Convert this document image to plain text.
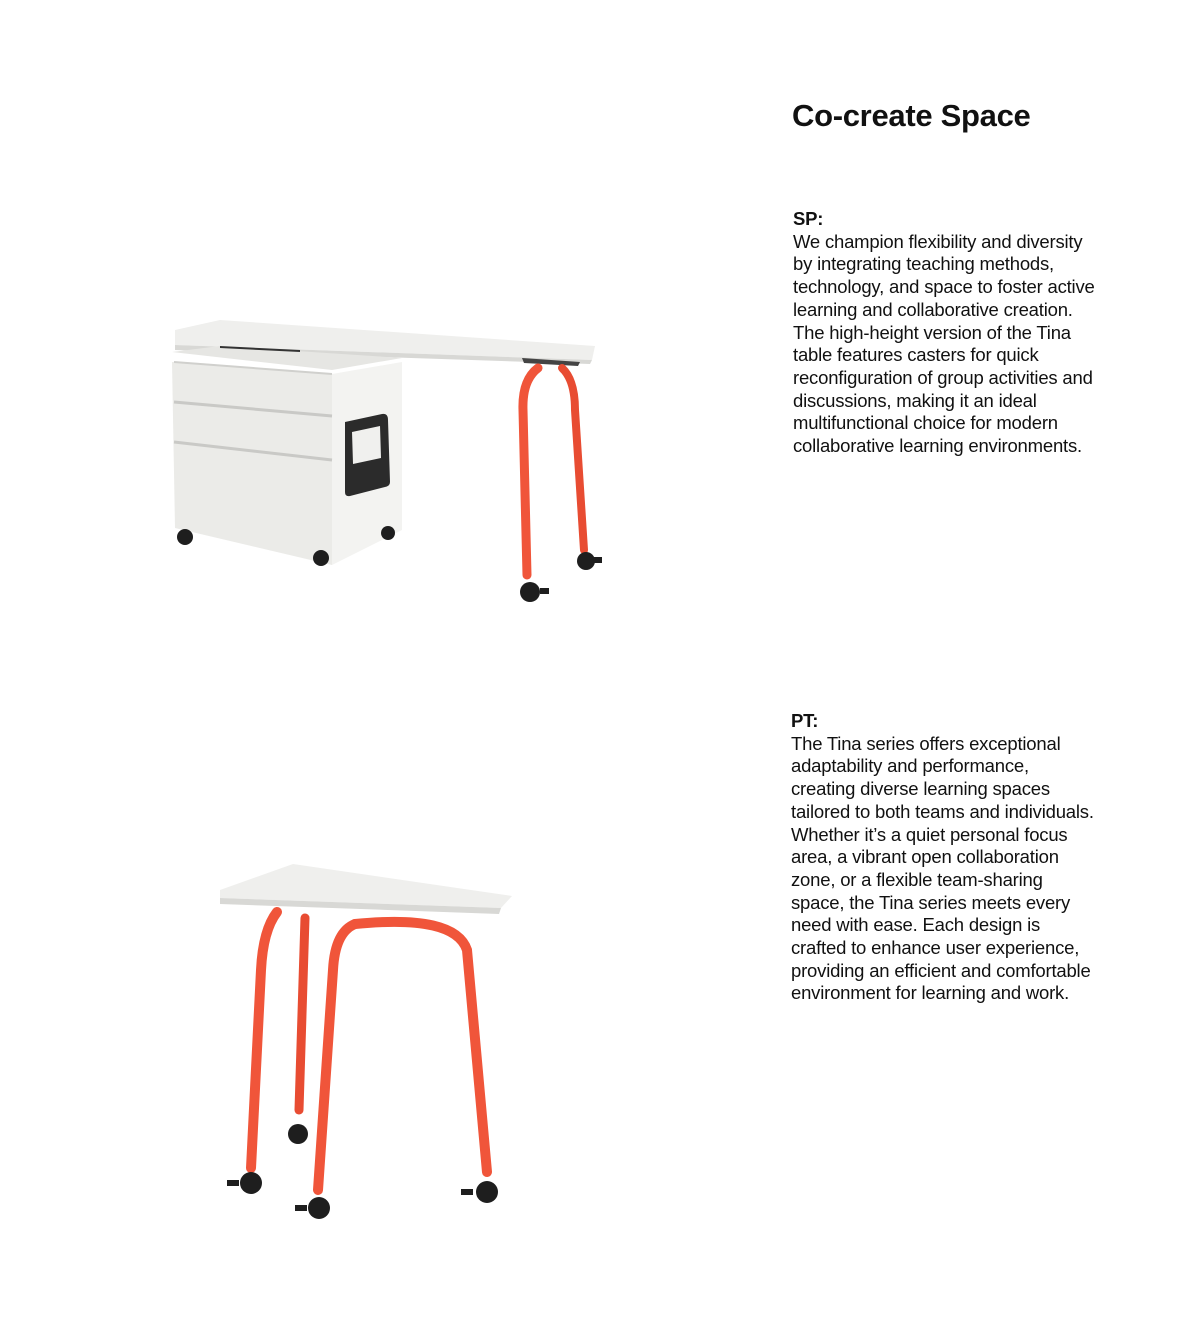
Co-create Space
SP:
We champion flexibility and diversity by integrating teaching methods, technology, and space to foster active learning and collaborative creation.
The high-height version of the Tina table features casters for quick reconfiguration of group activities and discussions, making it an ideal multifunctional choice for modern collaborative learning environments.
PT:
The Tina series offers exceptional adaptability and performance, creating diverse learning spaces tailored to both teams and individuals. Whether it’s a quiet personal focus area, a vibrant open collaboration zone, or a flexible team-sharing space, the Tina series meets every need with ease. Each design is crafted to enhance user experience, providing an efficient and comfortable environment for learning and work.
